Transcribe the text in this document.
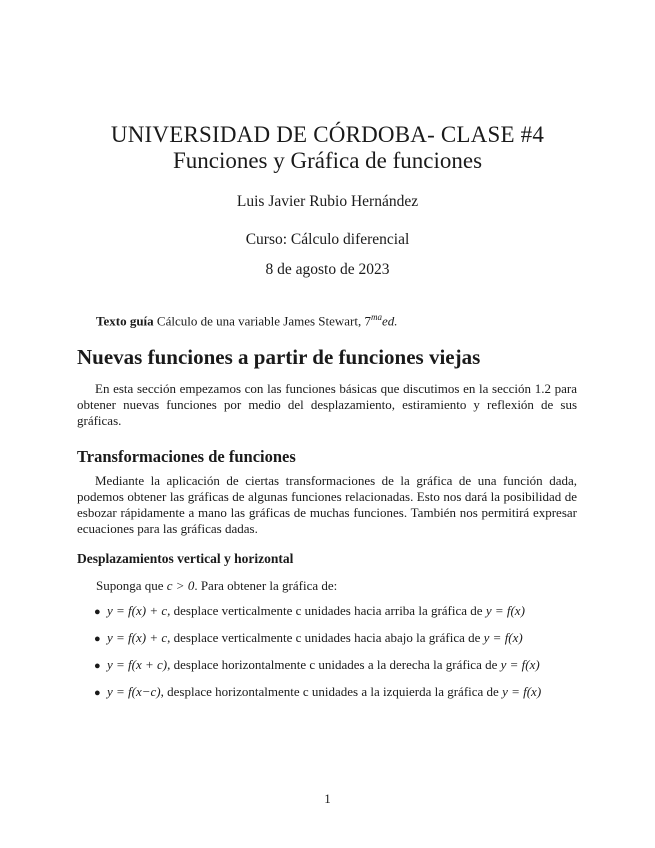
UNIVERSIDAD DE CÓRDOBA- CLASE #4
Funciones y Gráfica de funciones
Luis Javier Rubio Hernández
Curso: Cálculo diferencial
8 de agosto de 2023
Texto guía Cálculo de una variable James Stewart, $7^{ma}ed$.
Nuevas funciones a partir de funciones viejas
En esta sección empezamos con las funciones básicas que discutimos en la sección 1.2 para obtener nuevas funciones por medio del desplazamiento, estiramiento y reflexión de sus gráficas.
Transformaciones de funciones
Mediante la aplicación de ciertas transformaciones de la gráfica de una función dada, podemos obtener las gráficas de algunas funciones relacionadas. Esto nos dará la posibilidad de esbozar rápidamente a mano las gráficas de muchas funciones. También nos permitirá expresar ecuaciones para las gráficas dadas.
Desplazamientos vertical y horizontal
Suponga que c > 0. Para obtener la gráfica de:
● y = f(x) + c, desplace verticalmente c unidades hacia arriba la gráfica de y = f(x)
● y = f(x) + c, desplace verticalmente c unidades hacia abajo la gráfica de y = f(x)
● y = f(x + c), desplace horizontalmente c unidades a la derecha la gráfica de y = f(x)
● y = f(x−c), desplace horizontalmente c unidades a la izquierda la gráfica de y = f(x)
1
